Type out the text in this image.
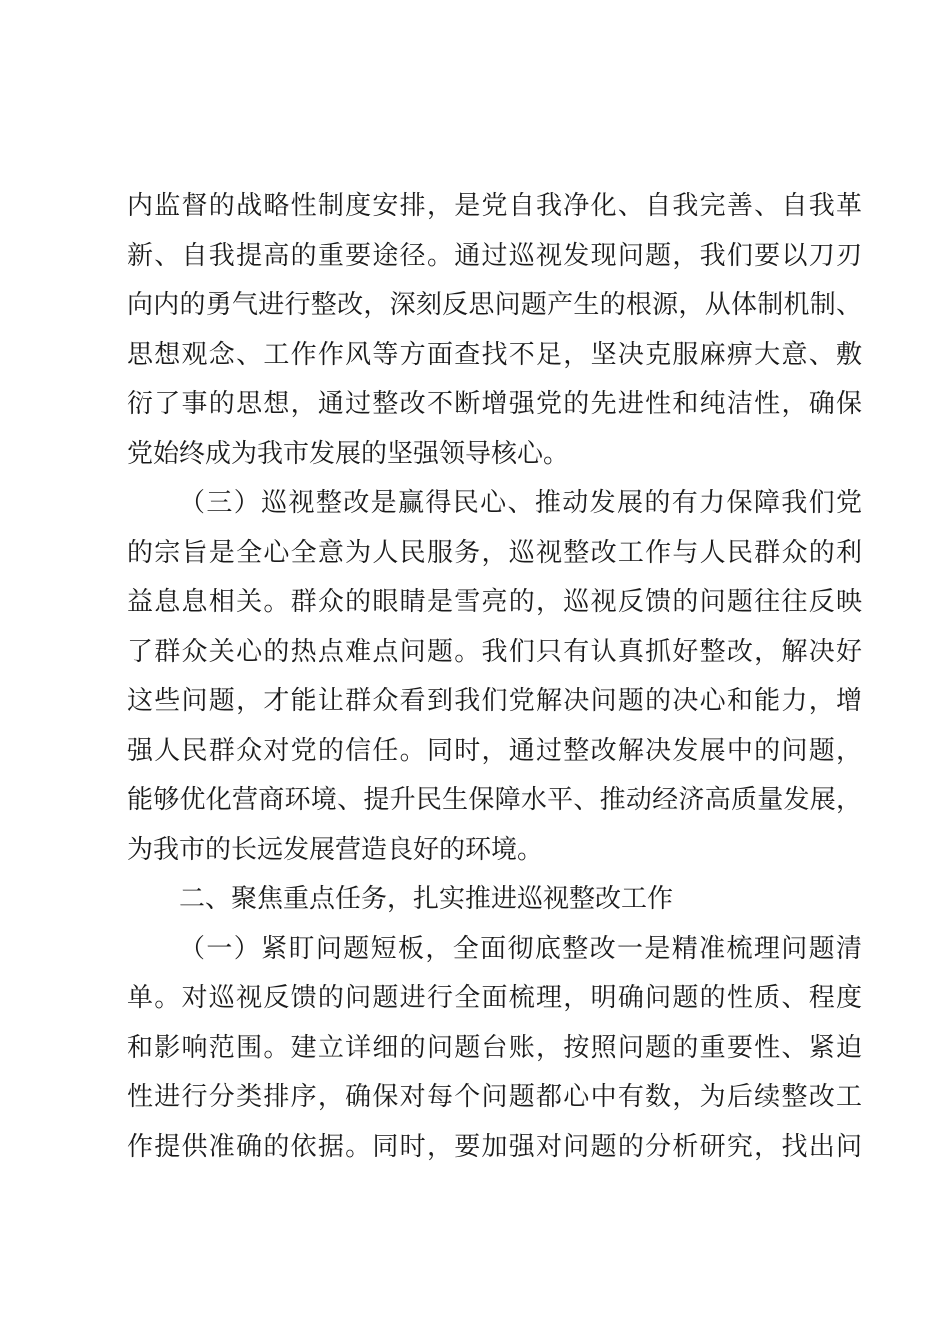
内监督的战略性制度安排，是党自我净化、自我完善、自我革
新、自我提高的重要途径。通过巡视发现问题，我们要以刀刃
向内的勇气进行整改，深刻反思问题产生的根源，从体制机制、
思想观念、工作作风等方面查找不足，坚决克服麻痹大意、敷
衍了事的思想，通过整改不断增强党的先进性和纯洁性，确保
党始终成为我市发展的坚强领导核心。
（三）巡视整改是赢得民心、推动发展的有力保障我们党
的宗旨是全心全意为人民服务，巡视整改工作与人民群众的利
益息息相关。群众的眼睛是雪亮的，巡视反馈的问题往往反映
了群众关心的热点难点问题。我们只有认真抓好整改，解决好
这些问题，才能让群众看到我们党解决问题的决心和能力，增
强人民群众对党的信任。同时，通过整改解决发展中的问题，
能够优化营商环境、提升民生保障水平、推动经济高质量发展，
为我市的长远发展营造良好的环境。
二、聚焦重点任务，扎实推进巡视整改工作
（一）紧盯问题短板，全面彻底整改一是精准梳理问题清
单。对巡视反馈的问题进行全面梳理，明确问题的性质、程度
和影响范围。建立详细的问题台账，按照问题的重要性、紧迫
性进行分类排序，确保对每个问题都心中有数，为后续整改工
作提供准确的依据。同时，要加强对问题的分析研究，找出问
